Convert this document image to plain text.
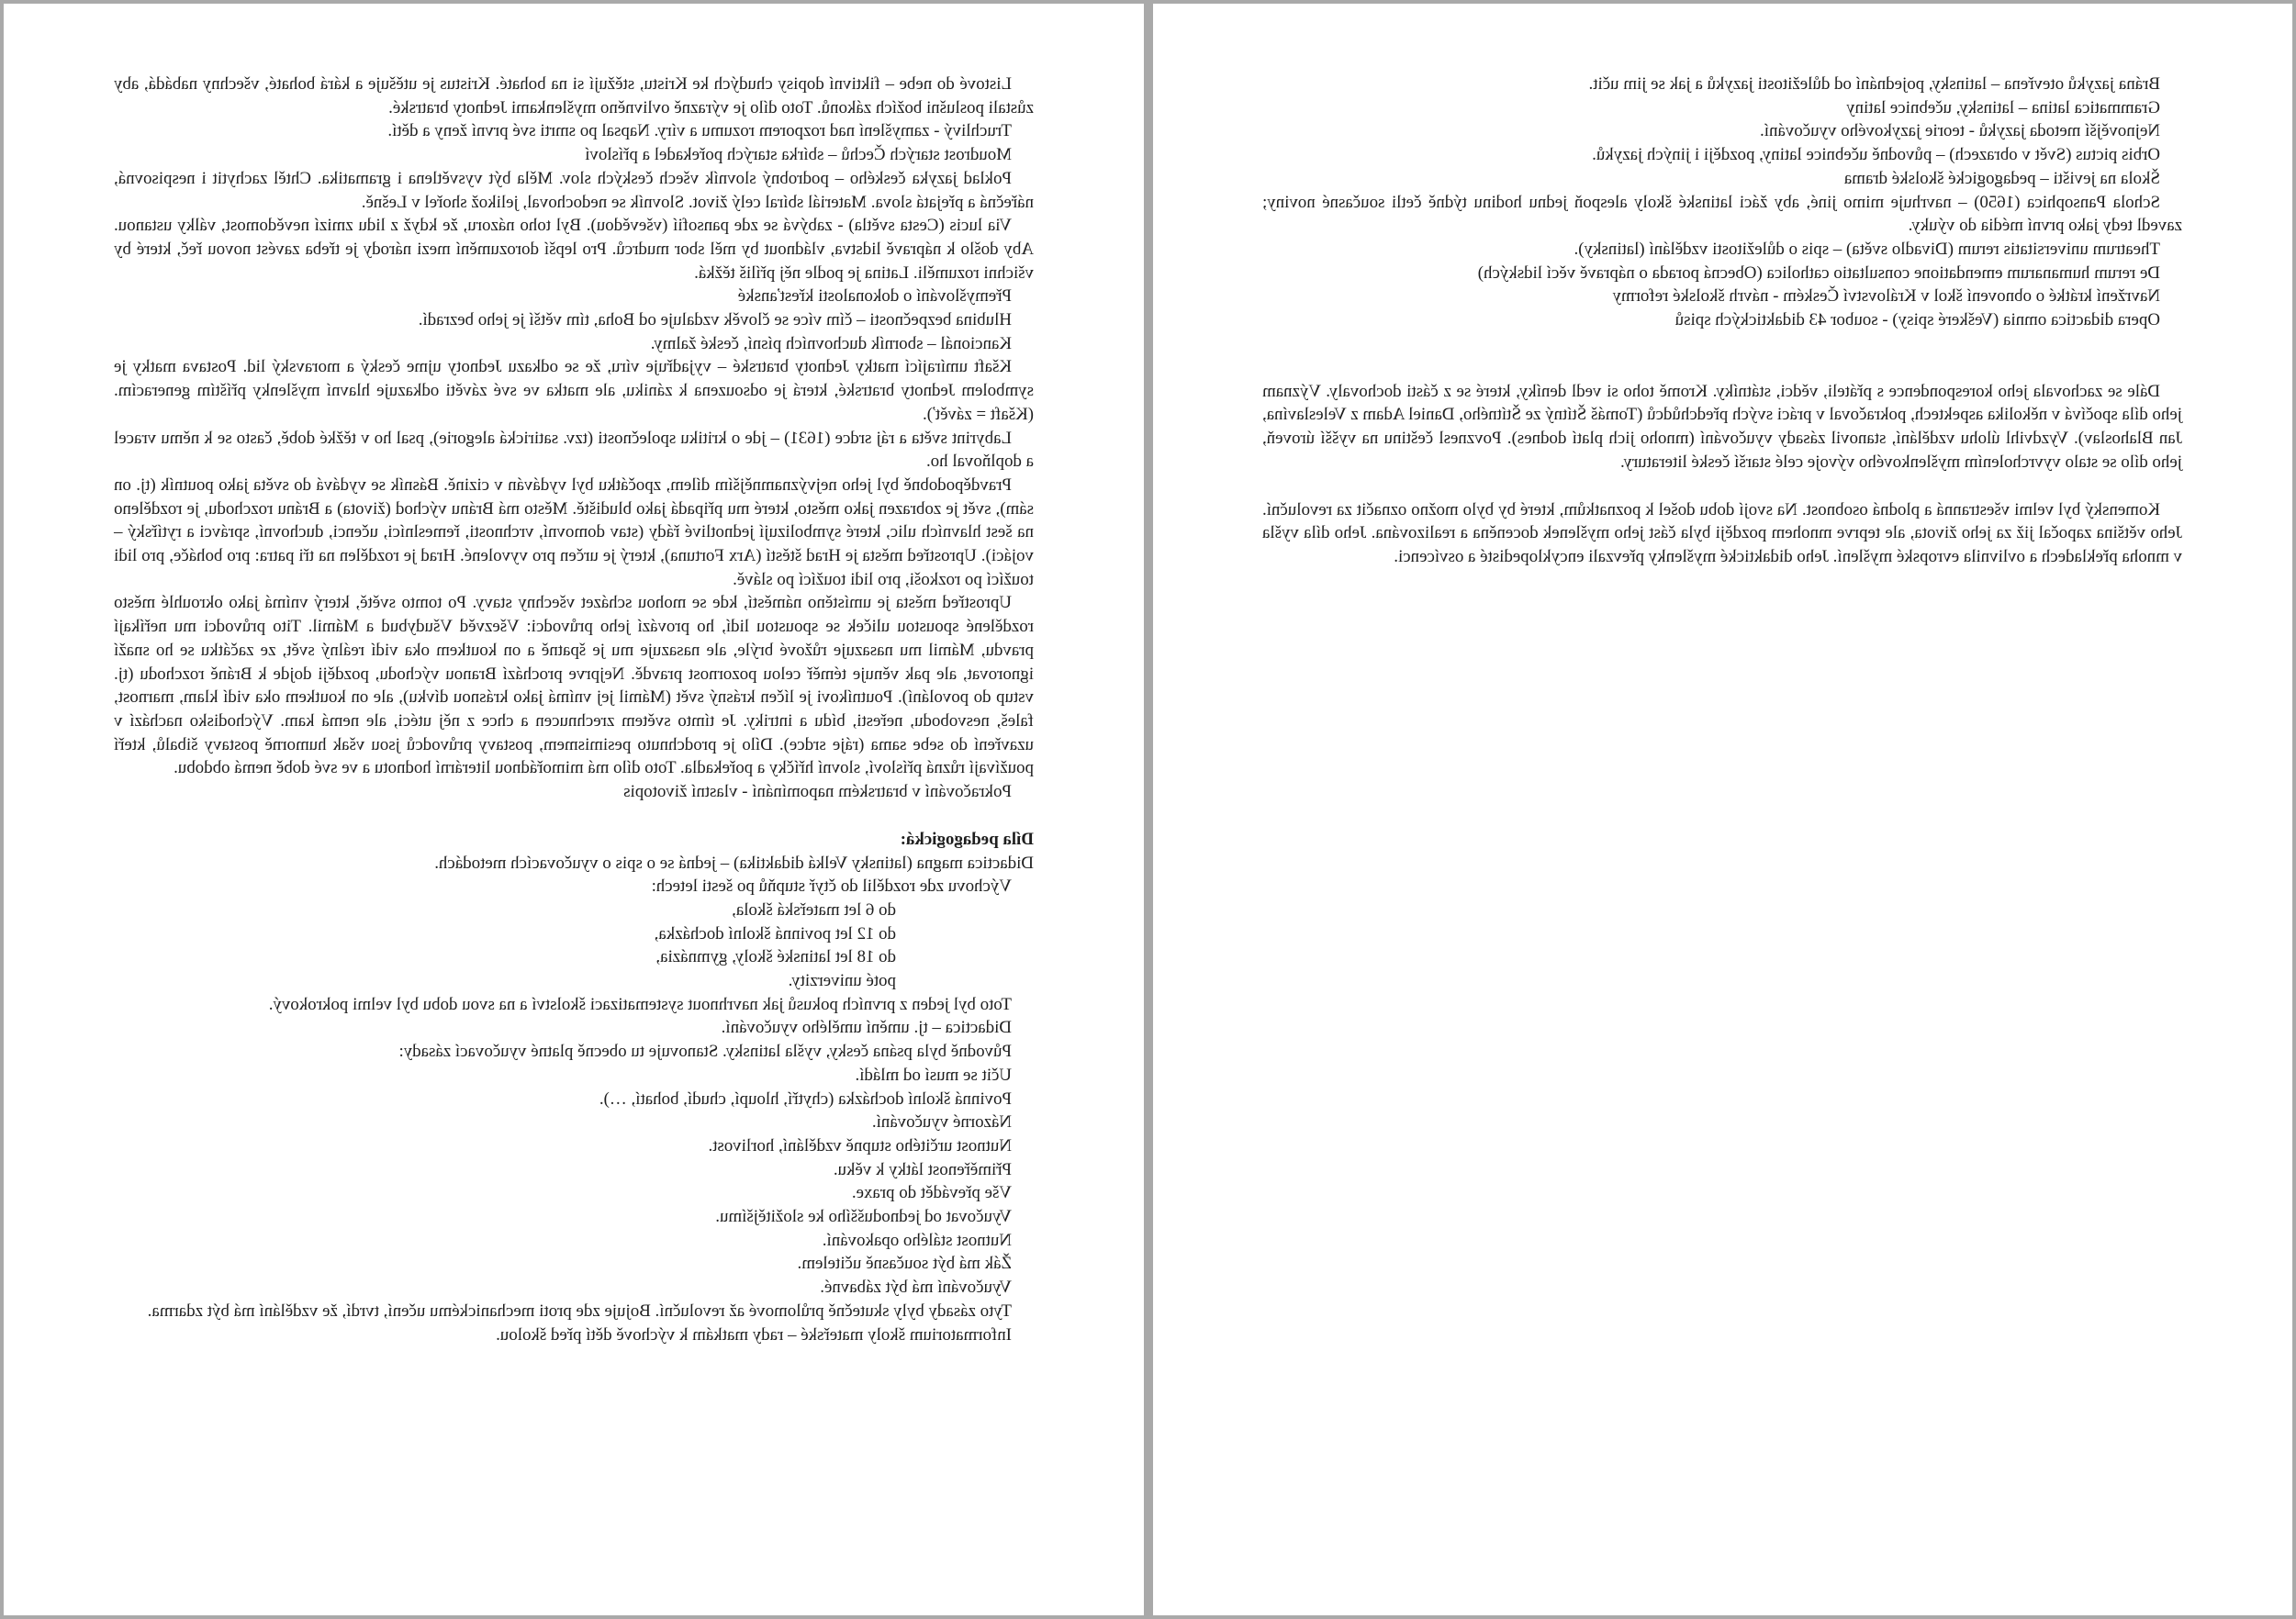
Brána jazyků otevřena – latinsky, pojednání od důležitosti jazyků a jak se jim učit.

Grammatica latina – latinsky, učebnice latiny

Nejnovější metoda jazyků - teorie jazykového vyučování.

Orbis pictus (Svět v obrazech) – původně učebnice latiny, později i jiných jazyků.

Škola na jevišti – pedagogické školské drama

Schola Pansophica (1650) – navrhuje mimo jiné, aby žáci latinské školy alespoň jednu hodinu týdně četli současné noviny; zavedl tedy jako první média do výuky.

Theatrum universitatis rerum (Divadlo světa) – spis o důležitosti vzdělání (latinsky).

De rerum humanarum emendatione consultatio catholica (Obecná porada o nápravě věcí lidských)

Navržení krátké o obnovení škol v Království Českém - návrh školské reformy

Opera didactica omnia (Veškeré spisy) - soubor 43 didaktických spisů

Dále se zachovala jeho korespondence s přáteli, vědci, státníky. Kromě toho si vedl deníky, které se z části dochovaly. Význam jeho díla spočívá v několika aspektech, pokračoval v práci svých předchůdců (Tomáš Štítný ze Štítného, Daniel Adam z Veleslavína, Jan Blahoslav). Vyzdvihl úlohu vzdělání, stanovil zásady vyučování (mnoho jich platí dodnes). Povznesl češtinu na vyšší úroveň, jeho dílo se stalo vyvrcholením myšlenkového vývoje celé starší české literatury.

Komenský byl velmi všestranná a plodná osobnost. Na svojí dobu došel k poznatkům, které by bylo možno označit za revoluční. Jeho většina započal již za jeho života, ale teprve mnohem později byla část jeho myšlenek doceněna a realizována. Jeho díla vyšla v mnoha překladech a ovlivnila evropské myšlení. Jeho didaktické myšlenky převzali encyklopedisté a osvícenci.

Listové do nebe – fiktivní dopisy chudých ke Kristu, stěžují si na bohaté. Kristus je utěšuje a kárá bohaté, všechny nabádá, aby zůstali poslušni božích zákonů. Toto dílo je výrazně ovlivněno myšlenkami Jednoty bratrské.

Truchlivý - zamyšlení nad rozporem rozumu a víry. Napsal po smrti své první ženy a dětí.

Moudrost starých Čechů – sbírka starých pořekadel a přísloví

Poklad jazyka českého – podrobný slovník všech českých slov. Měla být vysvětlena i gramatika. Chtěl zachytit i nespisovná, nářečná a přejatá slova. Materiál sbíral celý život. Slovník se nedochoval, jelikož shořel v Lešně.

Via lucis (Cesta světla) - zabývá se zde pansofií (vševědou). Byl toho názoru, že když z lidu zmizí nevědomost, války ustanou. Aby došlo k nápravě lidstva, vládnout by měl sbor mudrců. Pro lepší dorozumění mezi národy je třeba zavést novou řeč, které by všichni rozuměli. Latina je podle něj příliš těžká.

Přemyšlování o dokonalosti křesťanské

Hlubina bezpečnosti – čím více se člověk vzdaluje od Boha, tím větší je jeho bezradí.

Kancionál – sborník duchovních písní, české žalmy.

Kšaft umírající matky Jednoty bratrské – vyjadřuje víru, že se odkazu Jednoty ujme český a moravský lid. Postava matky je symbolem Jednoty bratrské, která je odsouzena k zániku, ale matka ve své závěti odkazuje hlavní myšlenky příštím generacím. (Kšaft = závěť).

Labyrint světa a ráj srdce (1631) – jde o kritiku společnosti (tzv. satirická alegorie), psal ho v těžké době, často se k němu vracel a doplňoval ho.

Pravděpodobně byl jeho nejvýznamnějším dílem, zpočátku byl vydáván v cizině. Básník se vydává do světa jako poutník (tj. on sám), svět je zobrazen jako město, které mu připadá jako bludiště. Město má Bránu východ (života) a Bránu rozchodu, je rozděleno na šest hlavních ulic, které symbolizují jednotlivé řády (stav domovní, vrchnosti, řemeslníci, učenci, duchovní, správci a rytířský – vojáci). Uprostřed města je Hrad štěstí (Arx Fortuna), který je určen pro vyvolené. Hrad je rozdělen na tři patra: pro boháče, pro lidi toužící po rozkoši, pro lidi toužící po slávě.

Uprostřed města je umístěno náměstí, kde se mohou scházet všechny stavy. Po tomto světě, který vnímá jako okrouhlé město rozdělené spoustou uliček se spoustou lidí, ho provází jeho průvodci: Všezvěd Všudybud a Mámil. Tito průvodci mu neříkají pravdu, Mámil mu nasazuje růžové brýle, ale nasazuje mu je špatně a on koutkem oka vidí reálný svět, ze začátku se ho snaží ignorovat, ale pak věnuje téměř celou pozornost pravdě. Nejprve prochází Branou východu, později dojde k Bráně rozchodu (tj. vstup do povolání). Poutníkovi je líčen krásný svět (Mámil jej vnímá jako krásnou dívku), ale on koutkem oka vidí klam, marnost, faleš, nesvobodu, neřesti, bídu a intriky. Je tímto světem zrechnucen a chce z něj utéci, ale nemá kam. Východisko nachází v uzavření do sebe sama (ráje srdce). Dílo je prodchnuto pesimismem, postavy průvodců jsou však humorně postavy šibalů, kteří používají různá přísloví, slovní hříčky a pořekadla. Toto dílo má mimořádnou literární hodnotu a ve své době nemá obdobu.

Pokračování v bratrském napomínání - vlastní životopis

Díla pedagogická:

Didactica magna (latinsky Velká didaktika) – jedná se o spis o vyučovacích metodách.

Výchovu zde rozdělil do čtyř stupňů po šesti letech:

do 6 let mateřská škola,

do 12 let povinná školní docházka,

do 18 let latinské školy, gymnázia,

poté univerzity.

Toto byl jeden z prvních pokusů jak navrhnout systematizaci školství a na svou dobu byl velmi pokrokový.

Didactica – tj. umění umělého vyučování.

Původně byla psána česky, vyšla latinsky. Stanovuje tu obecně platné vyučovací zásady:

Učit se musí od mládí.

Povinná školní docházka (chytří, hloupí, chudí, bohatí, …).

Názorné vyučování.

Nutnost určitého stupně vzdělání, horlivost.

Přiměřenost látky k věku.

Vše převádět do praxe.

Vyučovat od jednoduššího ke složitějšímu.

Nutnost stálého opakování.

Žák má být současně učitelem.

Vyučování má být zábavné.

Tyto zásady byly skutečně průlomové až revoluční. Bojuje zde proti mechanickému učení, tvrdí, že vzdělání má být zdarma.

Informatorium školy mateřské – rady matkám k výchově dětí před školou.
